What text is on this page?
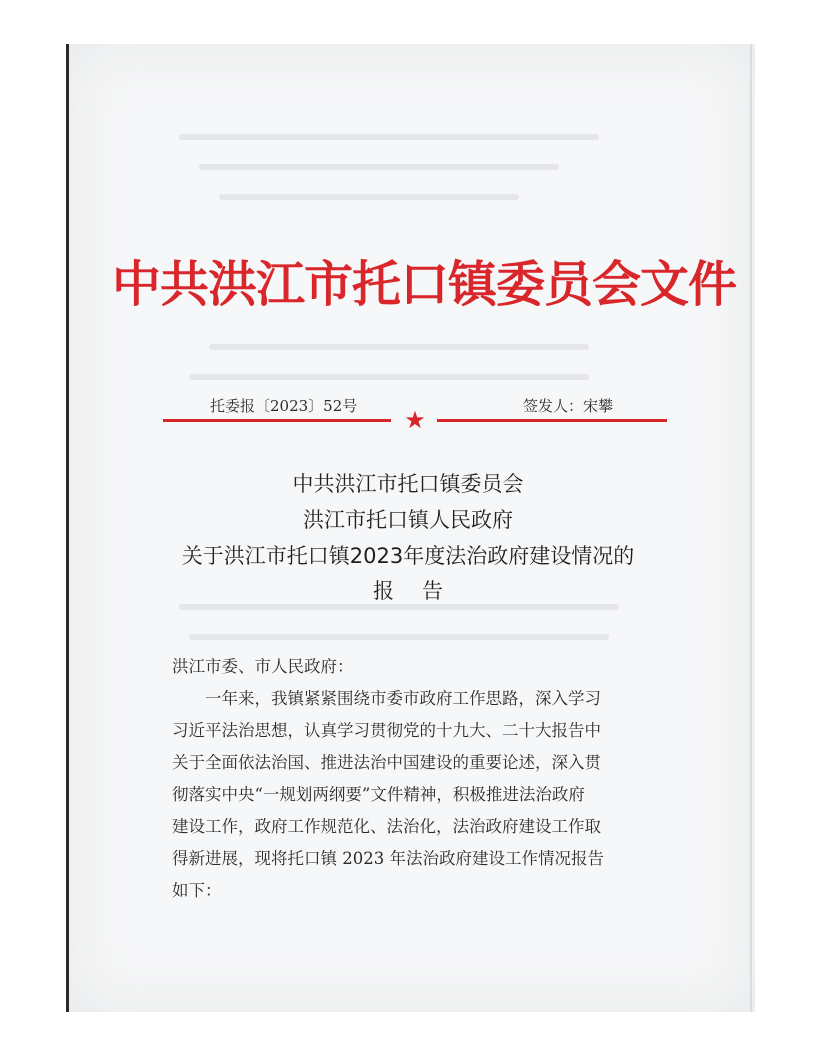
中共洪江市托口镇委员会文件
托委报〔2023〕52号	签发人：宋攀
★
中共洪江市托口镇委员会
洪江市托口镇人民政府
关于洪江市托口镇2023年度法治政府建设情况的
报告
洪江市委、市人民政府：
一年来，我镇紧紧围绕市委市政府工作思路，深入学习
习近平法治思想，认真学习贯彻党的十九大、二十大报告中
关于全面依法治国、推进法治中国建设的重要论述，深入贯
彻落实中央“一规划两纲要”文件精神，积极推进法治政府
建设工作，政府工作规范化、法治化，法治政府建设工作取
得新进展，现将托口镇 2023 年法治政府建设工作情况报告
如下：
